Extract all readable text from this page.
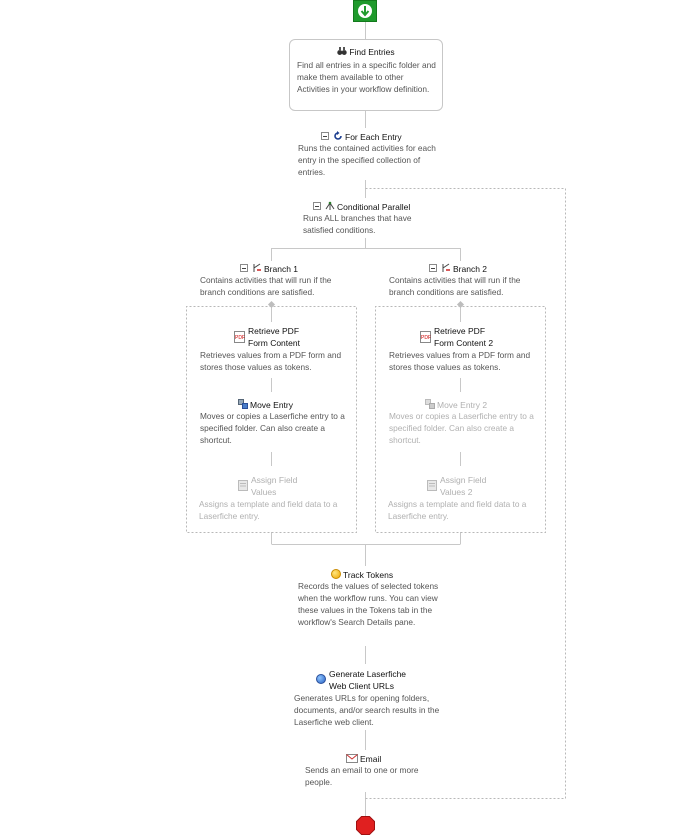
Find Entries
Find all entries in a specific folder and make them available to other Activities in your workflow definition.
For Each Entry
Runs the contained activities for each entry in the specified collection of entries.
Conditional Parallel
Runs ALL branches that have satisfied conditions.
Branch 1
Contains activities that will run if the branch conditions are satisfied.
PDF
Retrieve PDF
Form Content
Retrieves values from a PDF form and stores those values as tokens.
Move Entry
Moves or copies a Laserfiche entry to a specified folder. Can also create a shortcut.
Assign Field
Values
Assigns a template and field data to a Laserfiche entry.
Branch 2
Contains activities that will run if the branch conditions are satisfied.
PDF
Retrieve PDF
Form Content 2
Retrieves values from a PDF form and stores those values as tokens.
Move Entry 2
Moves or copies a Laserfiche entry to a specified folder. Can also create a shortcut.
Assign Field
Values 2
Assigns a template and field data to a Laserfiche entry.
Track Tokens
Records the values of selected tokens when the workflow runs. You can view these values in the Tokens tab in the workflow's Search Details pane.
Generate Laserfiche
Web Client URLs
Generates URLs for opening folders, documents, and/or search results in the Laserfiche web client.
Email
Sends an email to one or more people.
